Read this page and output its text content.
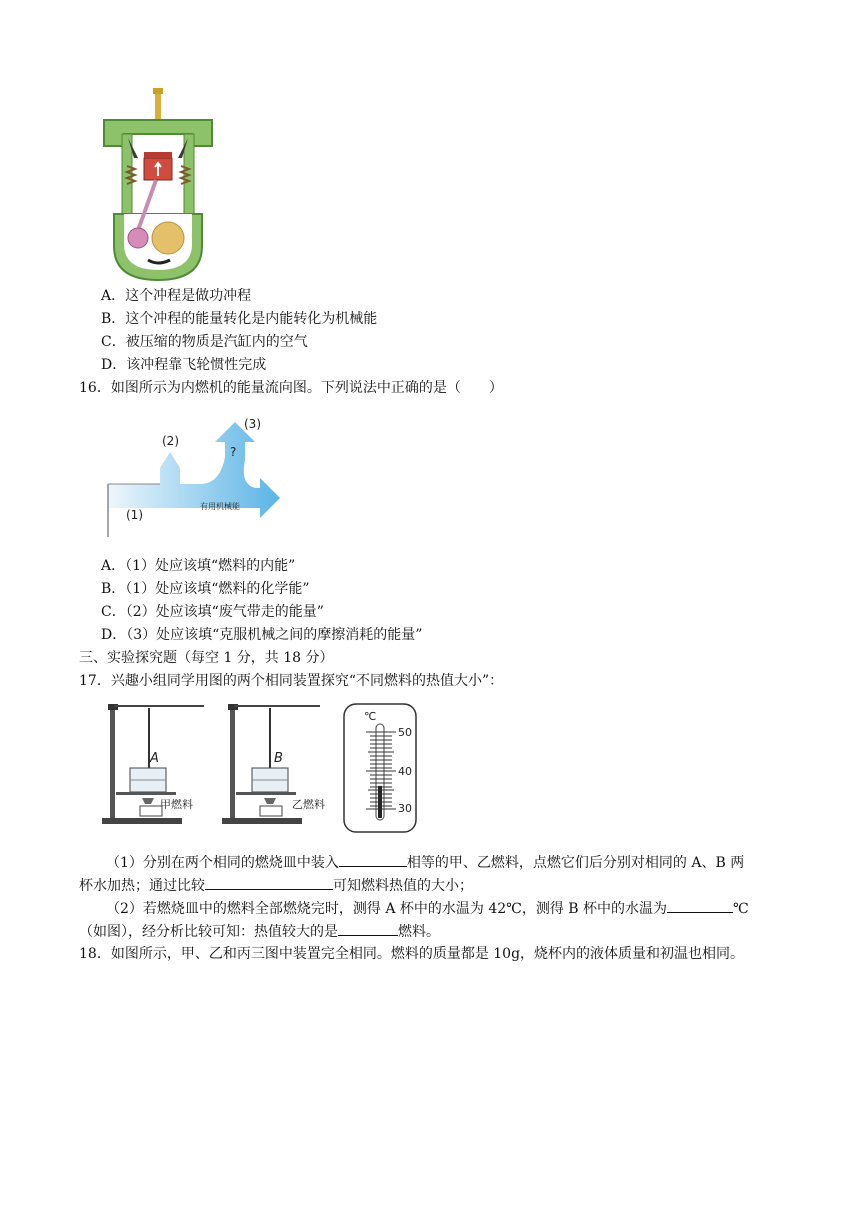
A．这个冲程是做功冲程
B．这个冲程的能量转化是内能转化为机械能
C．被压缩的物质是汽缸内的空气
D．该冲程靠飞轮惯性完成
16．如图所示为内燃机的能量流向图。下列说法中正确的是（　　）
(1)
(2)
(3)
?
有用机械能
A．（1）处应该填“燃料的内能”
B．（1）处应该填“燃料的化学能”
C．（2）处应该填“废气带走的能量”
D．（3）处应该填“克服机械之间的摩擦消耗的能量”
三、实验探究题（每空 1 分，共 18 分）
17．兴趣小组同学用图的两个相同装置探究“不同燃料的热值大小”：
A
甲燃料
B
乙燃料
℃
50
40
30
（1）分别在两个相同的燃烧皿中装入	相等的甲、乙燃料，点燃它们后分别对相同的 A、B 两
杯水加热；通过比较	可知燃料热值的大小；
（2）若燃烧皿中的燃料全部燃烧完时，测得 A 杯中的水温为 42℃，测得 B 杯中的水温为	℃
（如图），经分析比较可知：热值较大的是	燃料。
18．如图所示，甲、乙和丙三图中装置完全相同。燃料的质量都是 10g，烧杯内的液体质量和初温也相同。
